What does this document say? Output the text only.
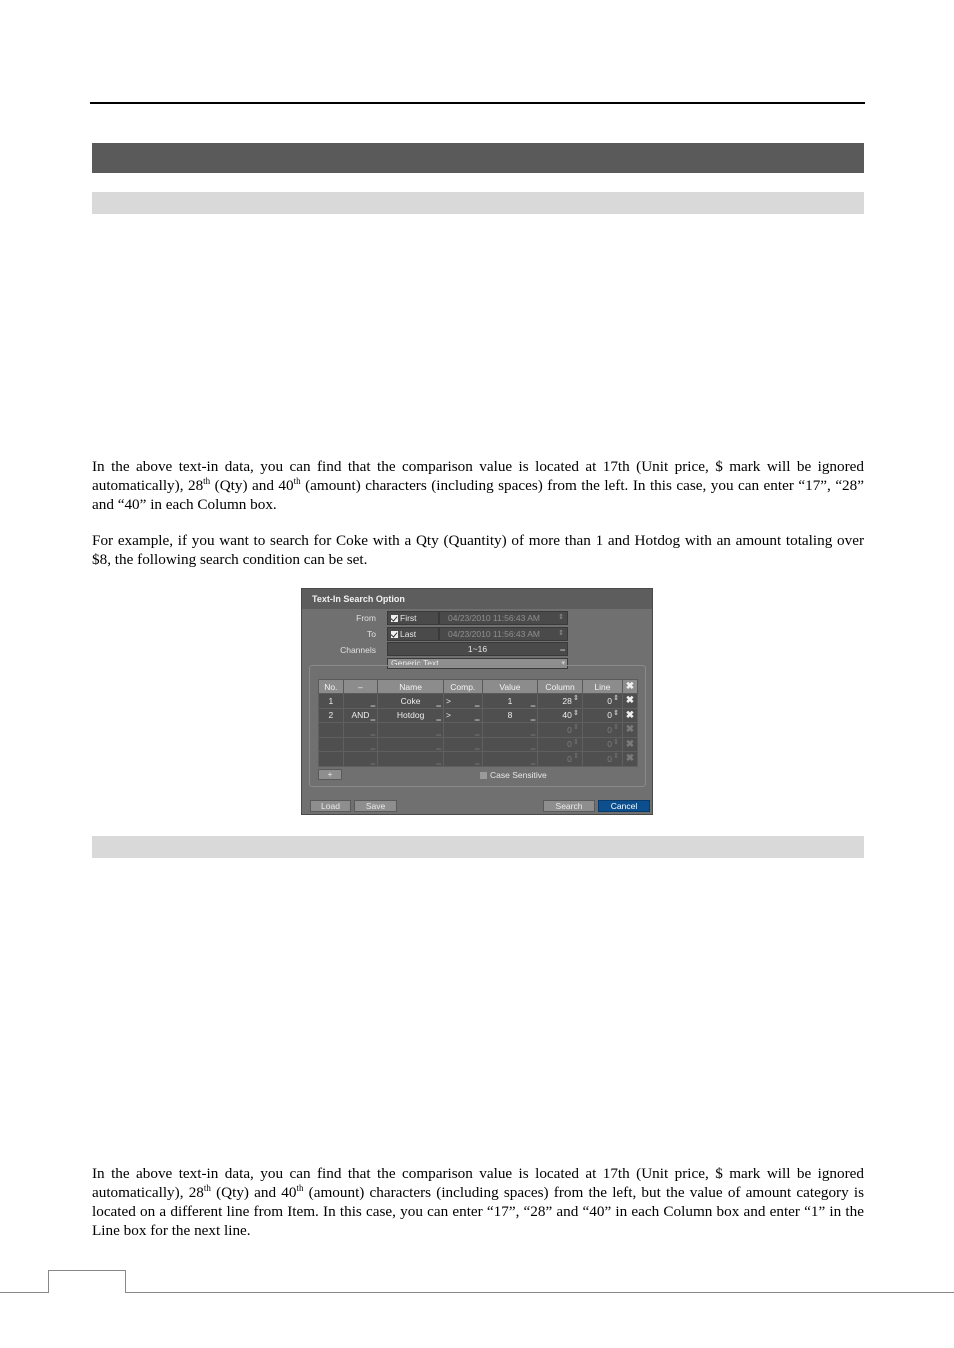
In the above text-in data, you can find that the comparison value is located at 17th (Unit price, $ mark will be ignored automatically), 28th (Qty) and 40th (amount) characters (including spaces) from the left. In this case, you can enter “17”, “28” and “40” in each Column box.

For example, if you want to search for Coke with a Qty (Quantity) of more than 1 and Hotdog with an amount totaling over $8, the following search condition can be set.

Text-In Search Option
From	First	04/23/2010 11:56:43 AM	⇕
To	Last	04/23/2010 11:56:43 AM	⇕
Channels	1~16	▁
Generic Text	▾
No.	–	Name	Comp.	Value	Column	Line	✖
1	▁	Coke ▁	> ▁	1 ▁	28 ⇕	0 ⇕	✖
2	AND ▁	Hotdog ▁	> ▁	8 ▁	40 ⇕	0 ⇕	✖

	▁	▁	▁	▁	0 ⇕	0 ⇕	✖

	▁	▁	▁	▁	0 ⇕	0 ⇕	✖

	▁	▁	▁	▁	0 ⇕	0 ⇕	✖
+	Case Sensitive
Load	Save	Search	Cancel

In the above text-in data, you can find that the comparison value is located at 17th (Unit price, $ mark will be ignored automatically), 28th (Qty) and 40th (amount) characters (including spaces) from the left, but the value of amount category is located on a different line from Item. In this case, you can enter “17”, “28” and “40” in each Column box and enter “1” in the Line box for the next line.
